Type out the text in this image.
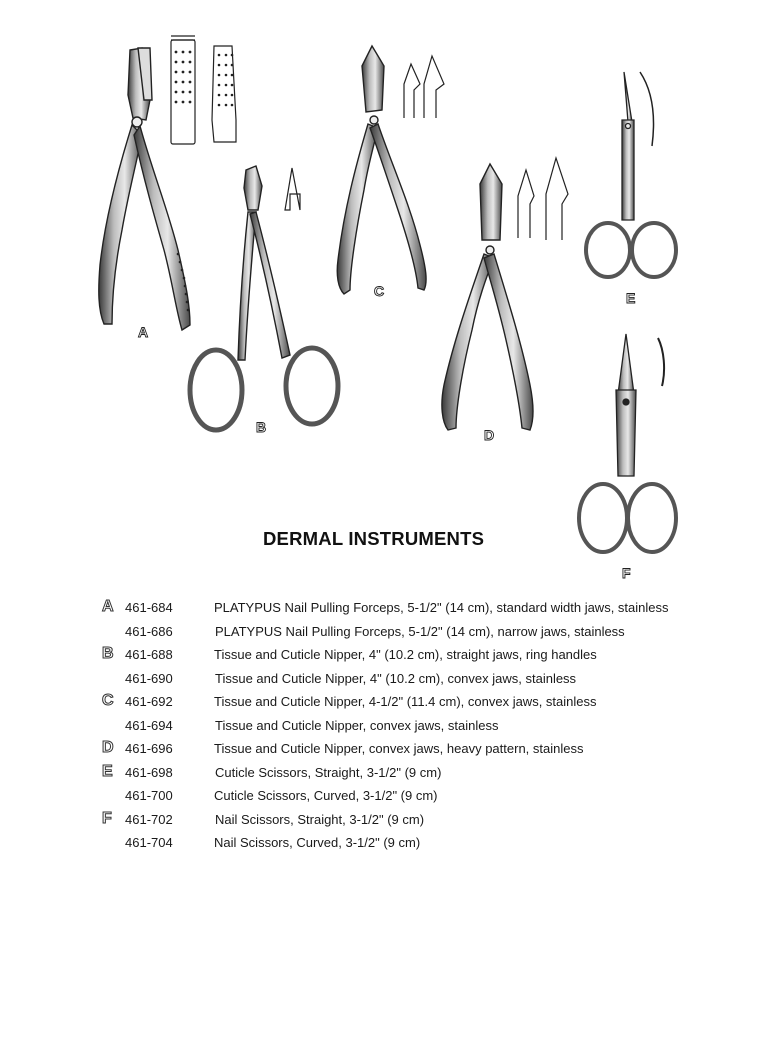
A
B
C
D
E
F
DERMAL INSTRUMENTS
A 461-684	PLATYPUS Nail Pulling Forceps, 5-1/2" (14 cm), standard width jaws, stainless
461-686	PLATYPUS Nail Pulling Forceps, 5-1/2" (14 cm), narrow jaws, stainless
B 461-688	Tissue and Cuticle Nipper, 4" (10.2 cm), straight jaws, ring handles
461-690	Tissue and Cuticle Nipper, 4" (10.2 cm), convex jaws, stainless
C 461-692	Tissue and Cuticle Nipper, 4-1/2" (11.4 cm), convex jaws, stainless
461-694	Tissue and Cuticle Nipper, convex jaws, stainless
D 461-696	Tissue and Cuticle Nipper, convex jaws, heavy pattern, stainless
E 461-698	Cuticle Scissors, Straight, 3-1/2" (9 cm)
461-700	Cuticle Scissors, Curved, 3-1/2" (9 cm)
F	461-702	Nail Scissors, Straight, 3-1/2" (9 cm)
461-704	Nail Scissors, Curved, 3-1/2" (9 cm)
